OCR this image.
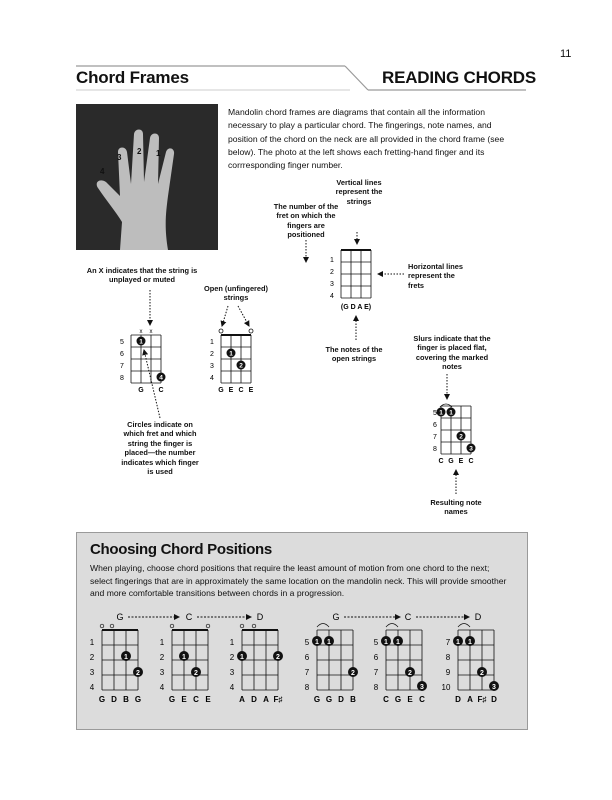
11
Chord Frames	READING CHORDS
4
3
2 1
Mandolin chord frames are diagrams that contain all the information necessary to play a particular chord. The fingerings, note names, and position of the chord on the neck are all provided in the chord frame (see below). The photo at the left shows each fretting-hand finger and its corrresponding finger number.
Vertical lines represent the strings
The number of the fret on which the fingers are positioned
Horizontal lines represent the frets
The notes of the open strings
An X indicates that the string is unplayed or muted
Open (unfingered) strings
Slurs indicate that the finger is placed flat, covering the marked notes
Circles indicate on which fret and which string the finger is placed—the number indicates which finger is used
Resulting note names
1
2
3
4
(G D A E)
x x
5
6
7
8
1
4
G C
1
2
3
4
1
2
G E C E
5
6
7
8
1 1
2
3
C G E C
Choosing Chord Positions
When playing, choose chord positions that require the least amount of motion from one chord to the next; select fingerings that are in approximately the same location on the mandolin neck. This will provide smoother and more comfortable transitions between chords in a progression.
G	C	D	G	C	D
1
2
3
4
1
2
G D B G
1
2
3
4
1
2
G E C E
1
2
3
4
1	2
A D A F♯
5
6
7
8
1 1
2
G G D B
5
6
7
8
1 1
2
3
C G E C
7
8
9
10
1 1
2
3
D A F♯ D
